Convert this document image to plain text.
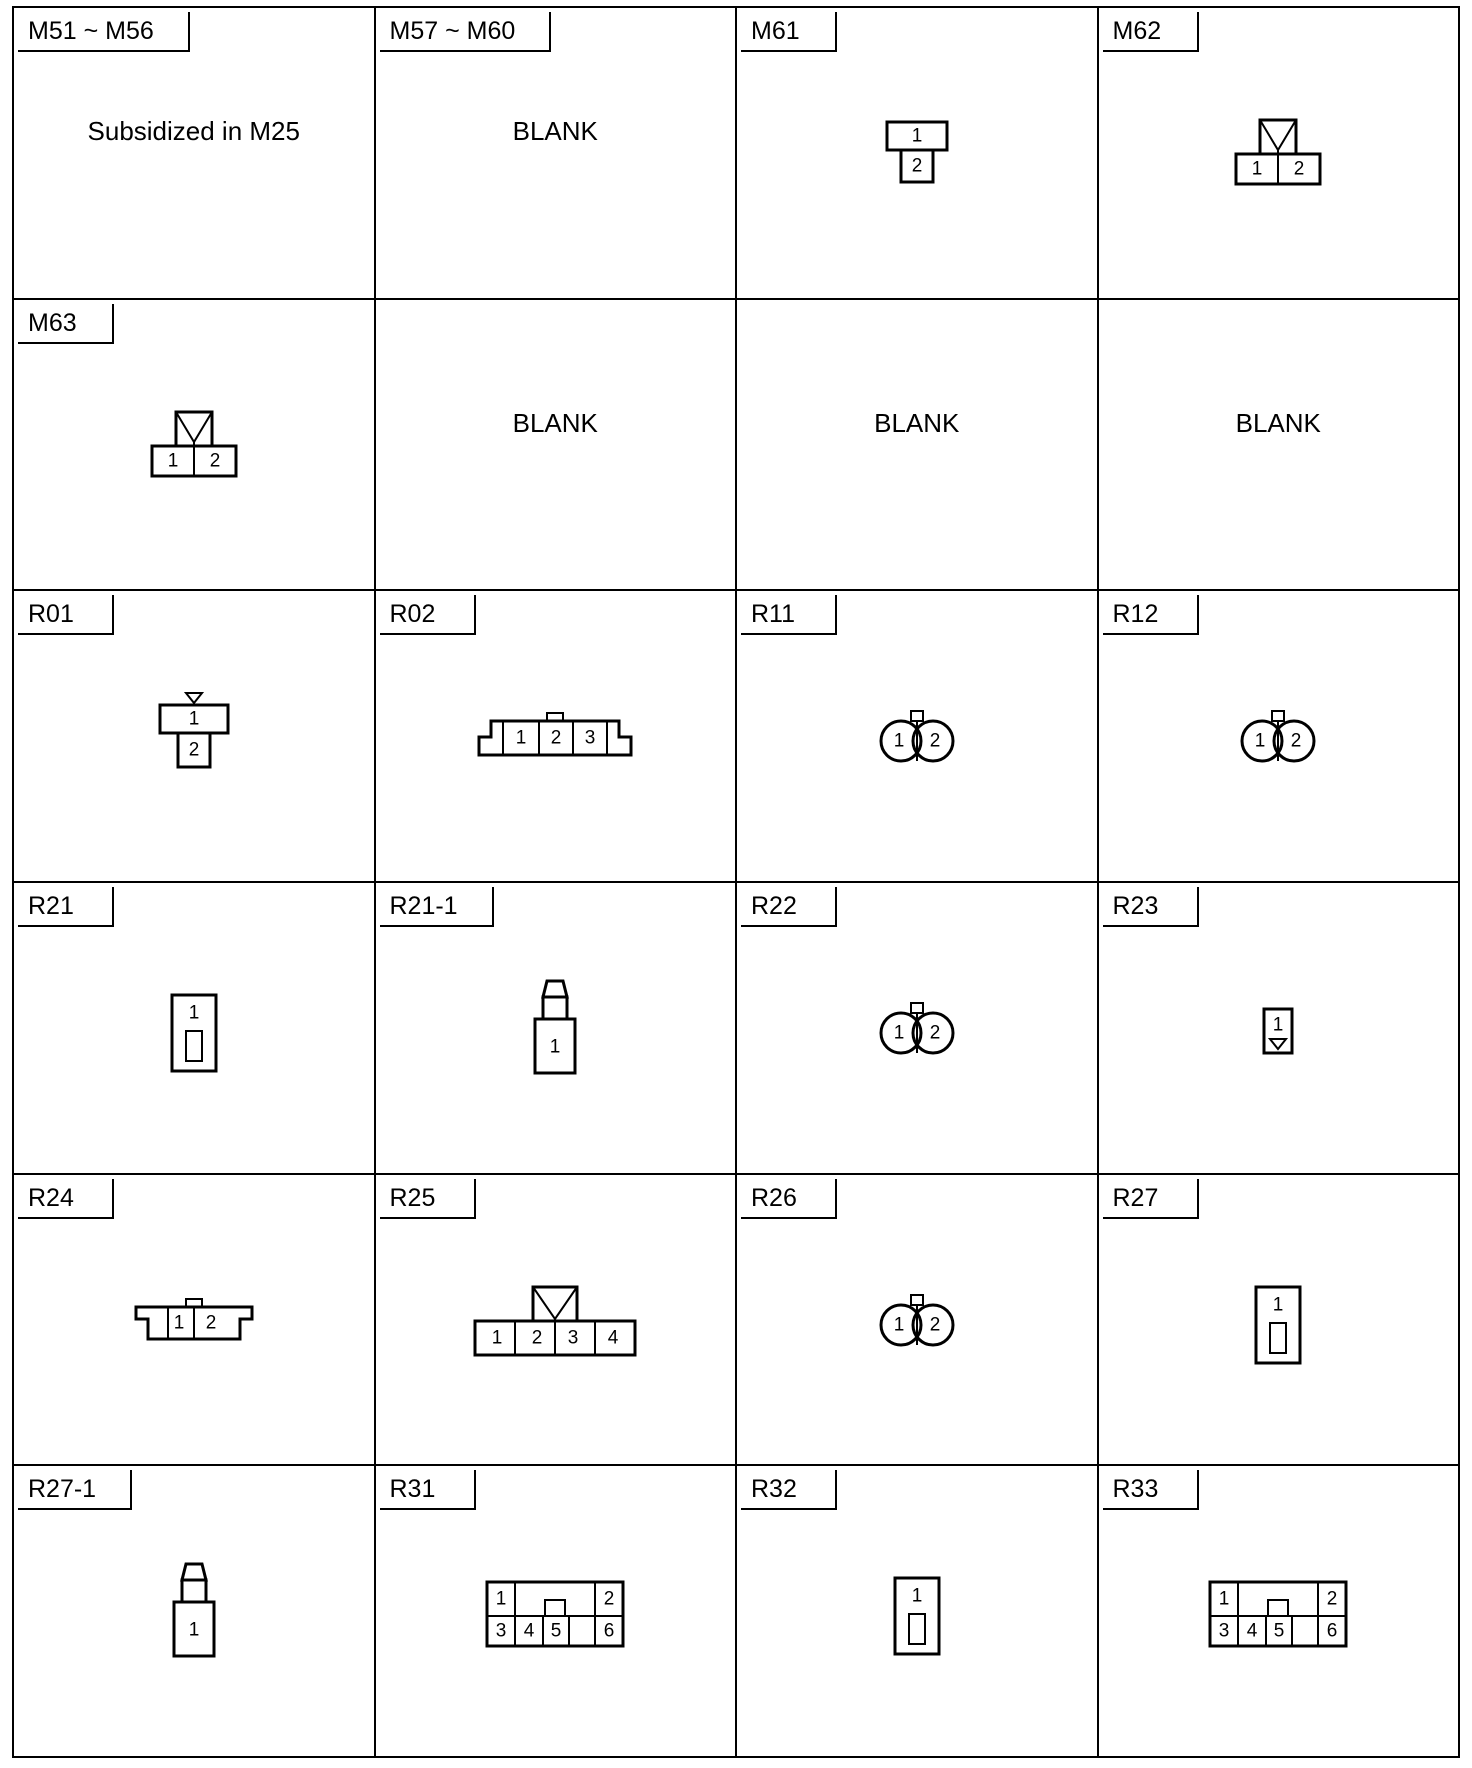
M51 ~ M56
Subsidized in M25
M57 ~ M60
BLANK
M61
1
2
M62
1 2
M63
1 2
BLANK	BLANK	BLANK
R01
1
2
R02
1 2 3
R11
1 2
R12
1 2
R21
1
R21-1
1
R22
1 2
R23
1
R24
1 2
R25
1 2 3 4
R26
1 2
R27
1
R27-1
1
R31
1	2
3 4 5 6
R32
1
R33
1	2
3 4 5 6
